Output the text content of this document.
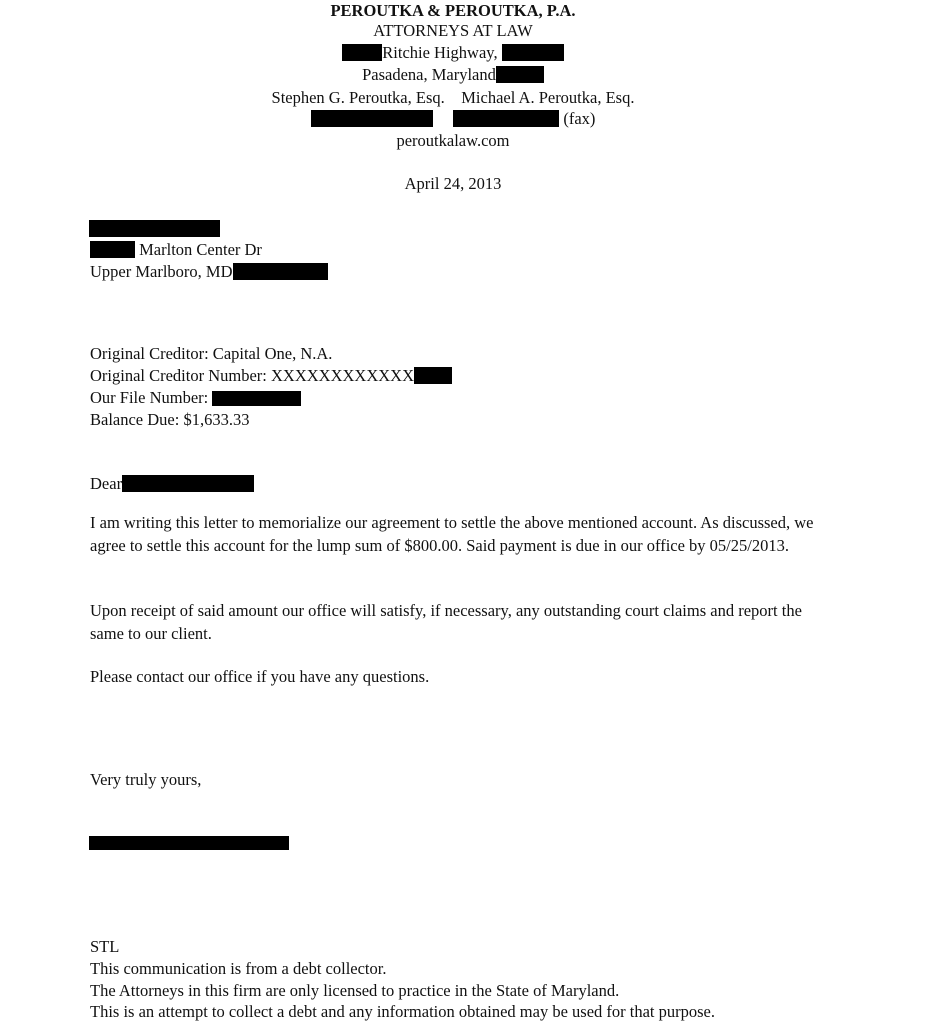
PEROUTKA & PEROUTKA, P.A.
ATTORNEYS AT LAW
Ritchie Highway,
Pasadena, Maryland
Stephen G. Peroutka, Esq. Michael A. Peroutka, Esq.
(fax)
peroutkalaw.com
April 24, 2013
Marlton Center Dr
Upper Marlboro, MD
Original Creditor: Capital One, N.A.
Original Creditor Number: XXXXXXXXXXXX
Our File Number:
Balance Due: $1,633.33
Dear
I am writing this letter to memorialize our agreement to settle the above mentioned account. As discussed, we agree to settle this account for the lump sum of $800.00. Said payment is due in our office by 05/25/2013.
Upon receipt of said amount our office will satisfy, if necessary, any outstanding court claims and report the same to our client.
Please contact our office if you have any questions.
Very truly yours,
STL
This communication is from a debt collector.
The Attorneys in this firm are only licensed to practice in the State of Maryland.
This is an attempt to collect a debt and any information obtained may be used for that purpose.
